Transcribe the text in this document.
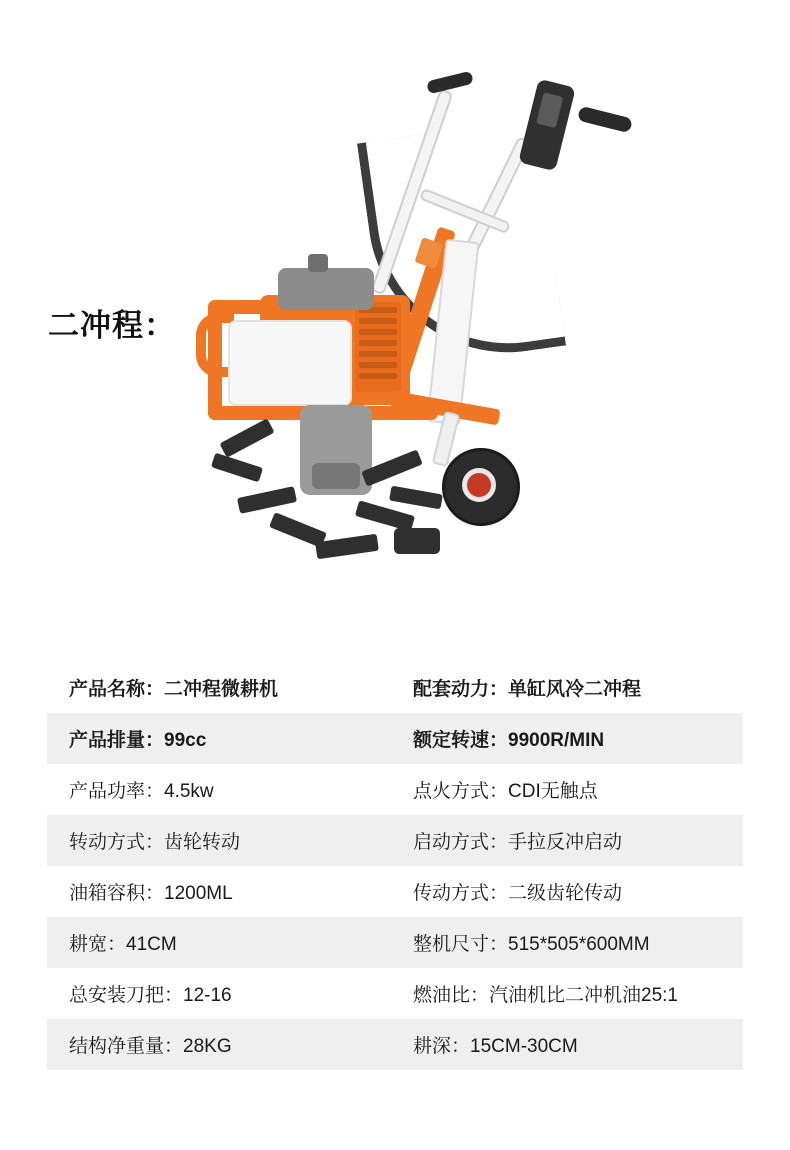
二冲程：
产品名称：二冲程微耕机	配套动力：单缸风冷二冲程
产品排量：99cc	额定转速：9900R/MIN
产品功率：4.5kw	点火方式：CDI无触点
转动方式：齿轮转动	启动方式：手拉反冲启动
油箱容积：1200ML	传动方式：二级齿轮传动
耕宽：41CM	整机尺寸：515*505*600MM
总安装刀把：12-16	燃油比：汽油机比二冲机油25:1
结构净重量：28KG	耕深：15CM-30CM
